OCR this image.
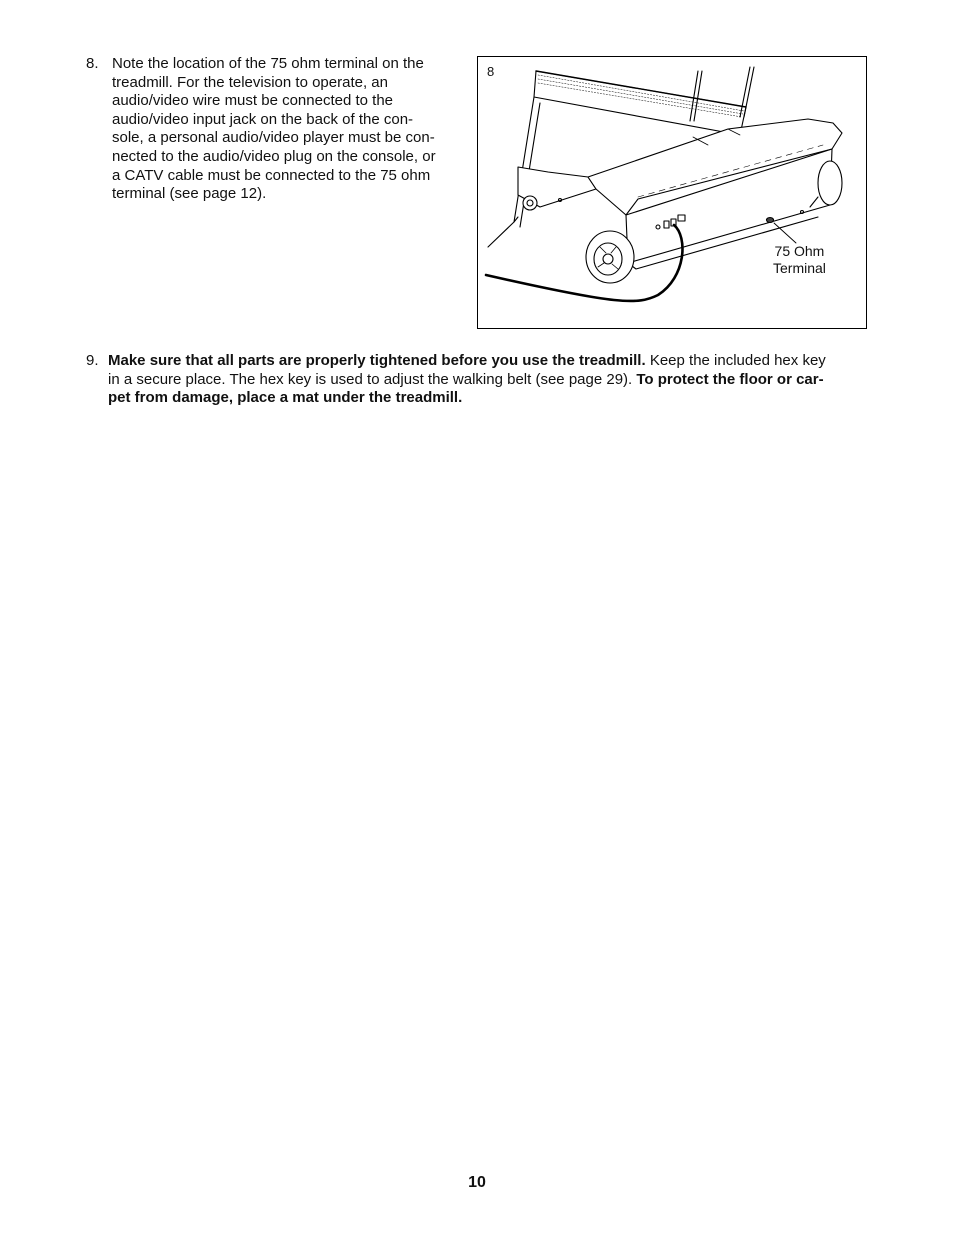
8. Note the location of the 75 ohm terminal on the
treadmill. For the television to operate, an
audio/video wire must be connected to the
audio/video input jack on the back of the con-
sole, a personal audio/video player must be con-
nected to the audio/video plug on the console, or
a CATV cable must be connected to the 75 ohm
terminal (see page 12).
8
75 Ohm
Terminal
9. Make sure that all parts are properly tightened before you use the treadmill. Keep the included hex key
in a secure place. The hex key is used to adjust the walking belt (see page 29). To protect the floor or car-
pet from damage, place a mat under the treadmill.
10
